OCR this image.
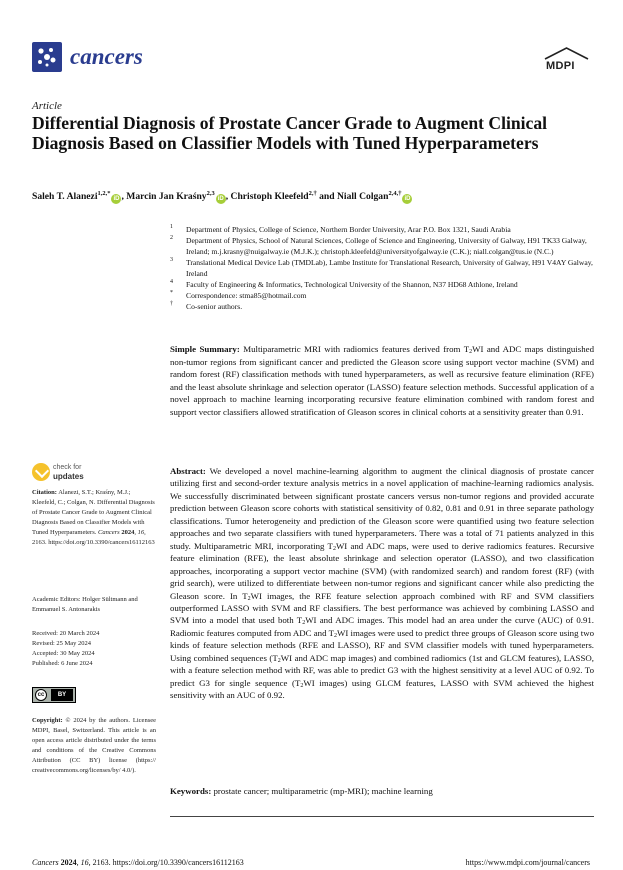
cancers	MDPI
Article
Differential Diagnosis of Prostate Cancer Grade to Augment Clinical Diagnosis Based on Classifier Models with Tuned Hyperparameters
Saleh T. Alanezi$^{1,2,*}$iD , Marcin Jan Kraśny$^{2,3}$iD , Christoph Kleefeld$^{2,\dagger}$ and Niall Colgan$^{2,4,\dagger}$iD
1 Department of Physics, College of Science, Northern Border University, Arar P.O. Box 1321, Saudi Arabia
2 Department of Physics, School of Natural Sciences, College of Science and Engineering, University of Galway, H91 TK33 Galway, Ireland; m.j.krasny@nuigalway.ie (M.J.K.); christoph.kleefeld@universityofgalway.ie (C.K.); niall.colgan@tus.ie (N.C.)
3 Translational Medical Device Lab (TMDLab), Lambe Institute for Translational Research, University of Galway, H91 V4AY Galway, Ireland
4 Faculty of Engineering & Informatics, Technological University of the Shannon, N37 HD68 Athlone, Ireland
* Correspondence: stma85@hotmail.com
† Co-senior authors.
Simple Summary: Multiparametric MRI with radiomics features derived from $T_2WI$ and ADC maps distinguished non-tumor regions from significant cancer and predicted the Gleason score using support vector machine (SVM) and random forest (RF) classification methods with tuned hyperparameters, as well as recursive feature elimination (RFE) and the least absolute shrinkage and selection operator (LASSO) feature selection methods. Successful application of a novel approach to machine learning incorporating recursive feature elimination combined with random forest and support vector classifiers allowed stratification of Gleason scores in clinical cohorts at a sensitivity greater than 0.91.
check for
updates
Citation: Alanezi, S.T.; Kraśny, M.J.; Kleefeld, C.; Colgan, N. Differential Diagnosis of Prostate Cancer Grade to Augment Clinical Diagnosis Based on Classifier Models with Tuned Hyperparameters. Cancers 2024, 16, 2163. https://doi.org/10.3390/cancers16112163
Academic Editors: Holger Sültmann and Emmanuel S. Antonarakis
Received: 20 March 2024
Revised: 25 May 2024
Accepted: 30 May 2024
Published: 6 June 2024
cc	BY
Copyright: © 2024 by the authors. Licensee MDPI, Basel, Switzerland. This article is an open access article distributed under the terms and conditions of the Creative Commons Attribution (CC BY) license (https:// creativecommons.org/licenses/by/ 4.0/).
Abstract: We developed a novel machine-learning algorithm to augment the clinical diagnosis of prostate cancer utilizing first and second-order texture analysis metrics in a novel application of machine-learning radiomics analysis. We successfully discriminated between significant prostate cancers versus non-tumor regions and provided accurate prediction between Gleason score cohorts with statistical sensitivity of 0.82, 0.81 and 0.91 in three separate pathology classifications. Tumor heterogeneity and prediction of the Gleason score were quantified using two feature selection approaches and two separate classifiers with tuned hyperparameters. There was a total of 71 patients analyzed in this study. Multiparametric MRI, incorporating $T_2WI$ and ADC maps, were used to derive radiomics features. Recursive feature elimination (RFE), the least absolute shrinkage and selection operator (LASSO), and two classification approaches, incorporating a support vector machine (SVM) (with randomized search) and random forest (RF) (with grid search), were utilized to differentiate between non-tumor regions and significant cancer while also predicting the Gleason score. In $T_2WI$ images, the RFE feature selection approach combined with RF and SVM classifiers outperformed LASSO with SVM and RF classifiers. The best performance was achieved by combining LASSO and SVM into a model that used both $T_2WI$ and ADC images. This model had an area under the curve (AUC) of 0.91. Radiomic features computed from ADC and $T_2WI$ images were used to predict three groups of Gleason score using two kinds of feature selection methods (RFE and LASSO), RF and SVM classifier models with tuned hyperparameters. Using combined sequences ($T_2WI$ and ADC map images) and combined radiomics (1st and GLCM features), LASSO, with a feature selection method with RF, was able to predict G3 with the highest sensitivity at a level AUC of 0.92. To predict G3 for single sequence ($T_2WI$ images) using GLCM features, LASSO with SVM achieved the highest sensitivity with an AUC of 0.92.
Keywords: prostate cancer; multiparametric (mp-MRI); machine learning
Cancers 2024, 16, 2163. https://doi.org/10.3390/cancers16112163	https://www.mdpi.com/journal/cancers
